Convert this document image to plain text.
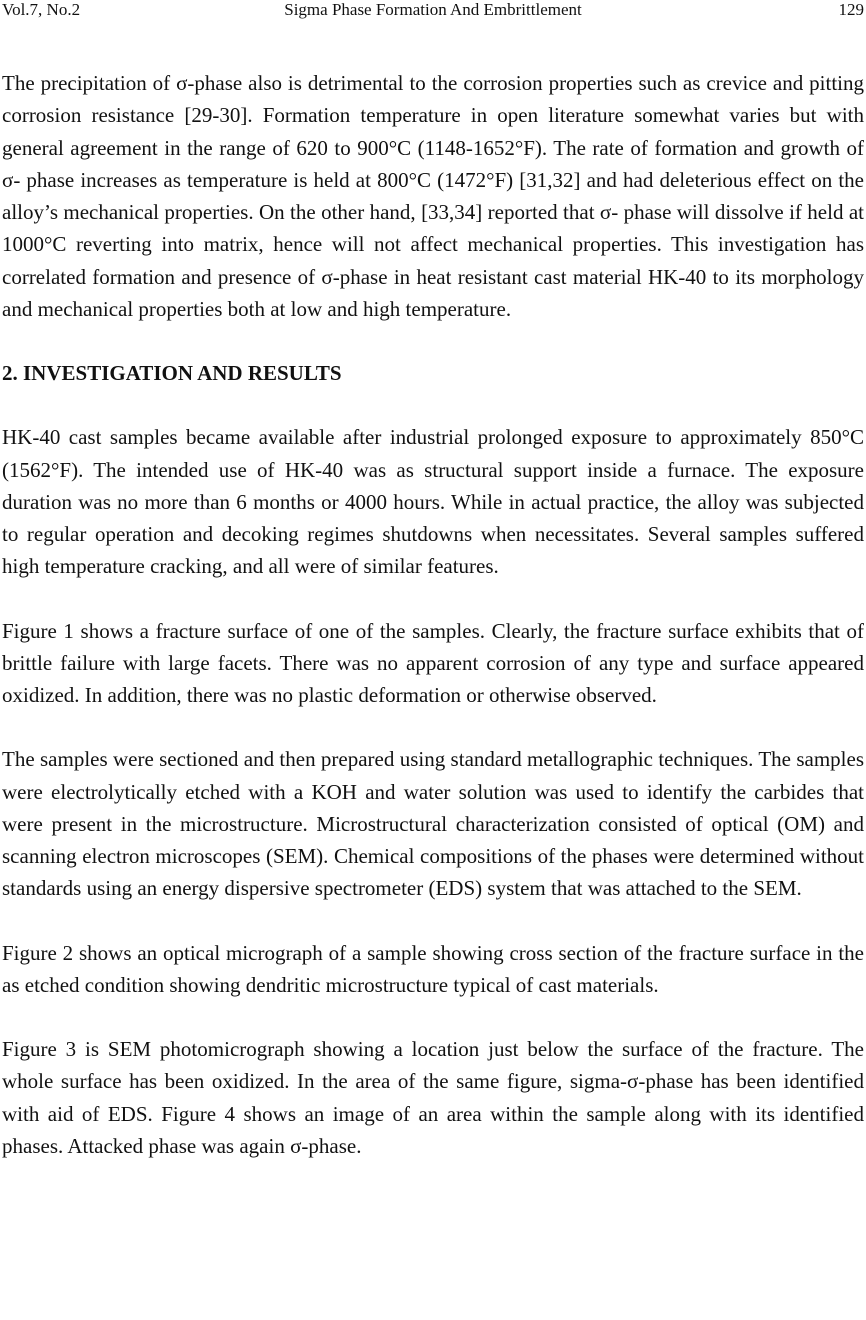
Vol.7, No.2	Sigma Phase Formation And Embrittlement	129

The precipitation of σ-phase also is detrimental to the corrosion properties such as crevice and pitting corrosion resistance [29-30]. Formation temperature in open literature somewhat varies but with general agreement in the range of 620 to 900°C (1148-1652°F). The rate of formation and growth of σ- phase increases as temperature is held at 800°C (1472°F) [31,32] and had deleterious effect on the alloy’s mechanical properties. On the other hand, [33,34] reported that σ- phase will dissolve if held at 1000°C reverting into matrix, hence will not affect mechanical properties. This investigation has correlated formation and presence of σ-phase in heat resistant cast material HK-40 to its morphology and mechanical properties both at low and high temperature.

2. INVESTIGATION AND RESULTS

HK-40 cast samples became available after industrial prolonged exposure to approximately 850°C (1562°F). The intended use of HK-40 was as structural support inside a furnace. The exposure duration was no more than 6 months or 4000 hours. While in actual practice, the alloy was subjected to regular operation and decoking regimes shutdowns when necessitates. Several samples suffered high temperature cracking, and all were of similar features.

Figure 1 shows a fracture surface of one of the samples. Clearly, the fracture surface exhibits that of brittle failure with large facets. There was no apparent corrosion of any type and surface appeared oxidized. In addition, there was no plastic deformation or otherwise observed.

The samples were sectioned and then prepared using standard metallographic techniques. The samples were electrolytically etched with a KOH and water solution was used to identify the carbides that were present in the microstructure. Microstructural characterization consisted of optical (OM) and scanning electron microscopes (SEM). Chemical compositions of the phases were determined without standards using an energy dispersive spectrometer (EDS) system that was attached to the SEM.

Figure 2 shows an optical micrograph of a sample showing cross section of the fracture surface in the as etched condition showing dendritic microstructure typical of cast materials.

Figure 3 is SEM photomicrograph showing a location just below the surface of the fracture. The whole surface has been oxidized. In the area of the same figure, sigma-σ-phase has been identified with aid of EDS. Figure 4 shows an image of an area within the sample along with its identified phases. Attacked phase was again σ-phase.
